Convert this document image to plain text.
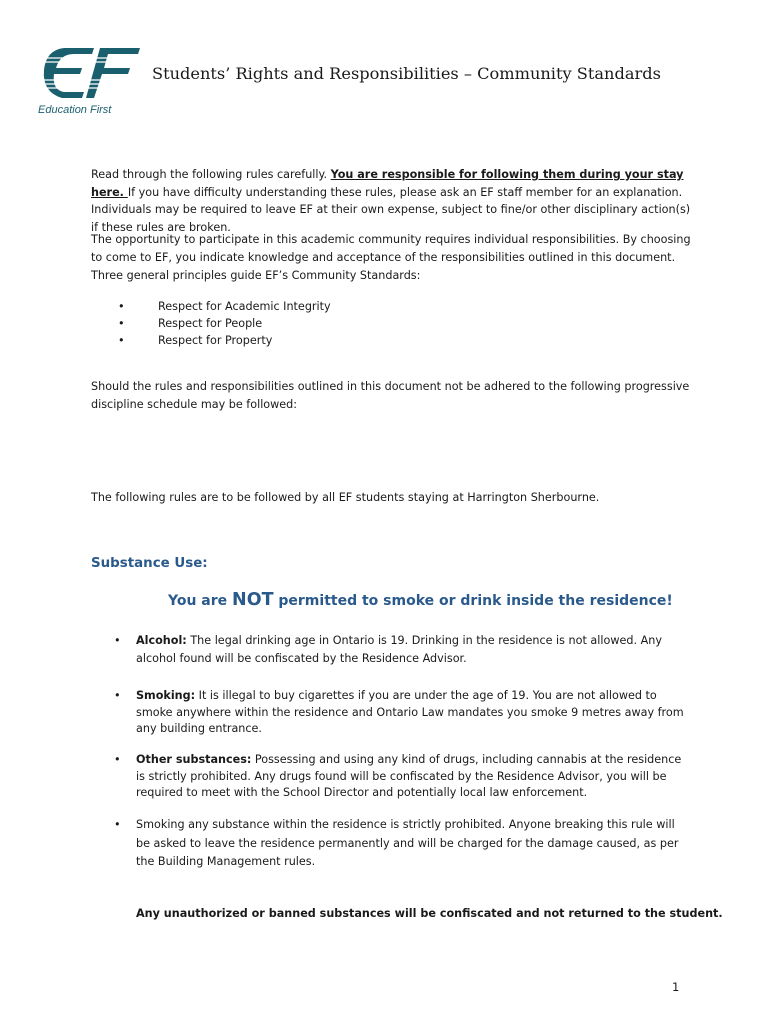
Education First
Students’ Rights and Responsibilities – Community Standards

Read through the following rules carefully. You are responsible for following them during your stay here. If you have difficulty understanding these rules, please ask an EF staff member for an explanation. Individuals may be required to leave EF at their own expense, subject to fine/or other disciplinary action(s) if these rules are broken.

The opportunity to participate in this academic community requires individual responsibilities. By choosing to come to EF, you indicate knowledge and acceptance of the responsibilities outlined in this document. Three general principles guide EF’s Community Standards:

•	Respect for Academic Integrity
•	Respect for People
•	Respect for Property

Should the rules and responsibilities outlined in this document not be adhered to the following progressive discipline schedule may be followed:

The following rules are to be followed by all EF students staying at Harrington Sherbourne.

Substance Use:
You are NOT permitted to smoke or drink inside the residence!
• Alcohol: The legal drinking age in Ontario is 19. Drinking in the residence is not allowed. Any alcohol found will be confiscated by the Residence Advisor.
• Smoking: It is illegal to buy cigarettes if you are under the age of 19. You are not allowed to smoke anywhere within the residence and Ontario Law mandates you smoke 9 metres away from any building entrance.
• Other substances: Possessing and using any kind of drugs, including cannabis at the residence is strictly prohibited. Any drugs found will be confiscated by the Residence Advisor, you will be required to meet with the School Director and potentially local law enforcement.
• Smoking any substance within the residence is strictly prohibited. Anyone breaking this rule will be asked to leave the residence permanently and will be charged for the damage caused, as per the Building Management rules.
Any unauthorized or banned substances will be confiscated and not returned to the student.
1
